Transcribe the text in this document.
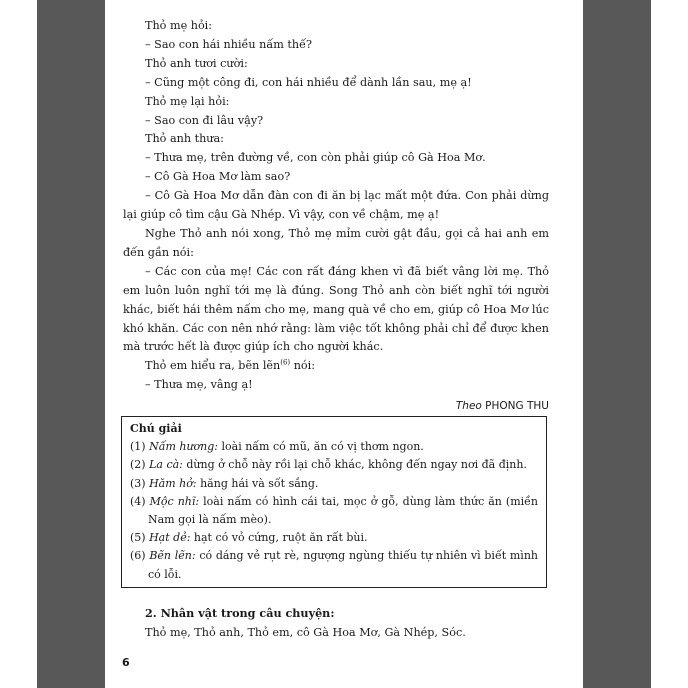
Thỏ mẹ hỏi:

– Sao con hái nhiều nấm thế?

Thỏ anh tươi cười:

– Cũng một công đi, con hái nhiều để dành lần sau, mẹ ạ!

Thỏ mẹ lại hỏi:

– Sao con đi lâu vậy?

Thỏ anh thưa:

– Thưa mẹ, trên đường về, con còn phải giúp cô Gà Hoa Mơ.

– Cô Gà Hoa Mơ làm sao?

– Cô Gà Hoa Mơ dẫn đàn con đi ăn bị lạc mất một đứa. Con phải dừng lại giúp cô tìm cậu Gà Nhép. Vì vậy, con về chậm, mẹ ạ!

Nghe Thỏ anh nói xong, Thỏ mẹ mỉm cười gật đầu, gọi cả hai anh em đến gần nói:

– Các con của mẹ! Các con rất đáng khen vì đã biết vâng lời mẹ. Thỏ em luôn luôn nghĩ tới mẹ là đúng. Song Thỏ anh còn biết nghĩ tới người khác, biết hái thêm nấm cho mẹ, mang quà về cho em, giúp cô Hoa Mơ lúc khó khăn. Các con nên nhớ rằng: làm việc tốt không phải chỉ để được khen mà trước hết là được giúp ích cho người khác.

Thỏ em hiểu ra, bẽn lẽn$^{(6)}$ nói:

– Thưa mẹ, vâng ạ!

Theo PHONG THU

Chú giải

(1) Nấm hương: loài nấm có mũ, ăn có vị thơm ngon.

(2) La cà: dừng ở chỗ này rồi lại chỗ khác, không đến ngay nơi đã định.

(3) Hăm hở: hăng hái và sốt sắng.

(4) Mộc nhĩ: loài nấm có hình cái tai, mọc ở gỗ, dùng làm thức ăn (miền Nam gọi là nấm mèo).

(5) Hạt dẻ: hạt có vỏ cứng, ruột ăn rất bùi.

(6) Bẽn lẽn: có dáng vẻ rụt rè, ngượng ngùng thiếu tự nhiên vì biết mình có lỗi.

2. Nhân vật trong câu chuyện:

Thỏ mẹ, Thỏ anh, Thỏ em, cô Gà Hoa Mơ, Gà Nhép, Sóc.

6
